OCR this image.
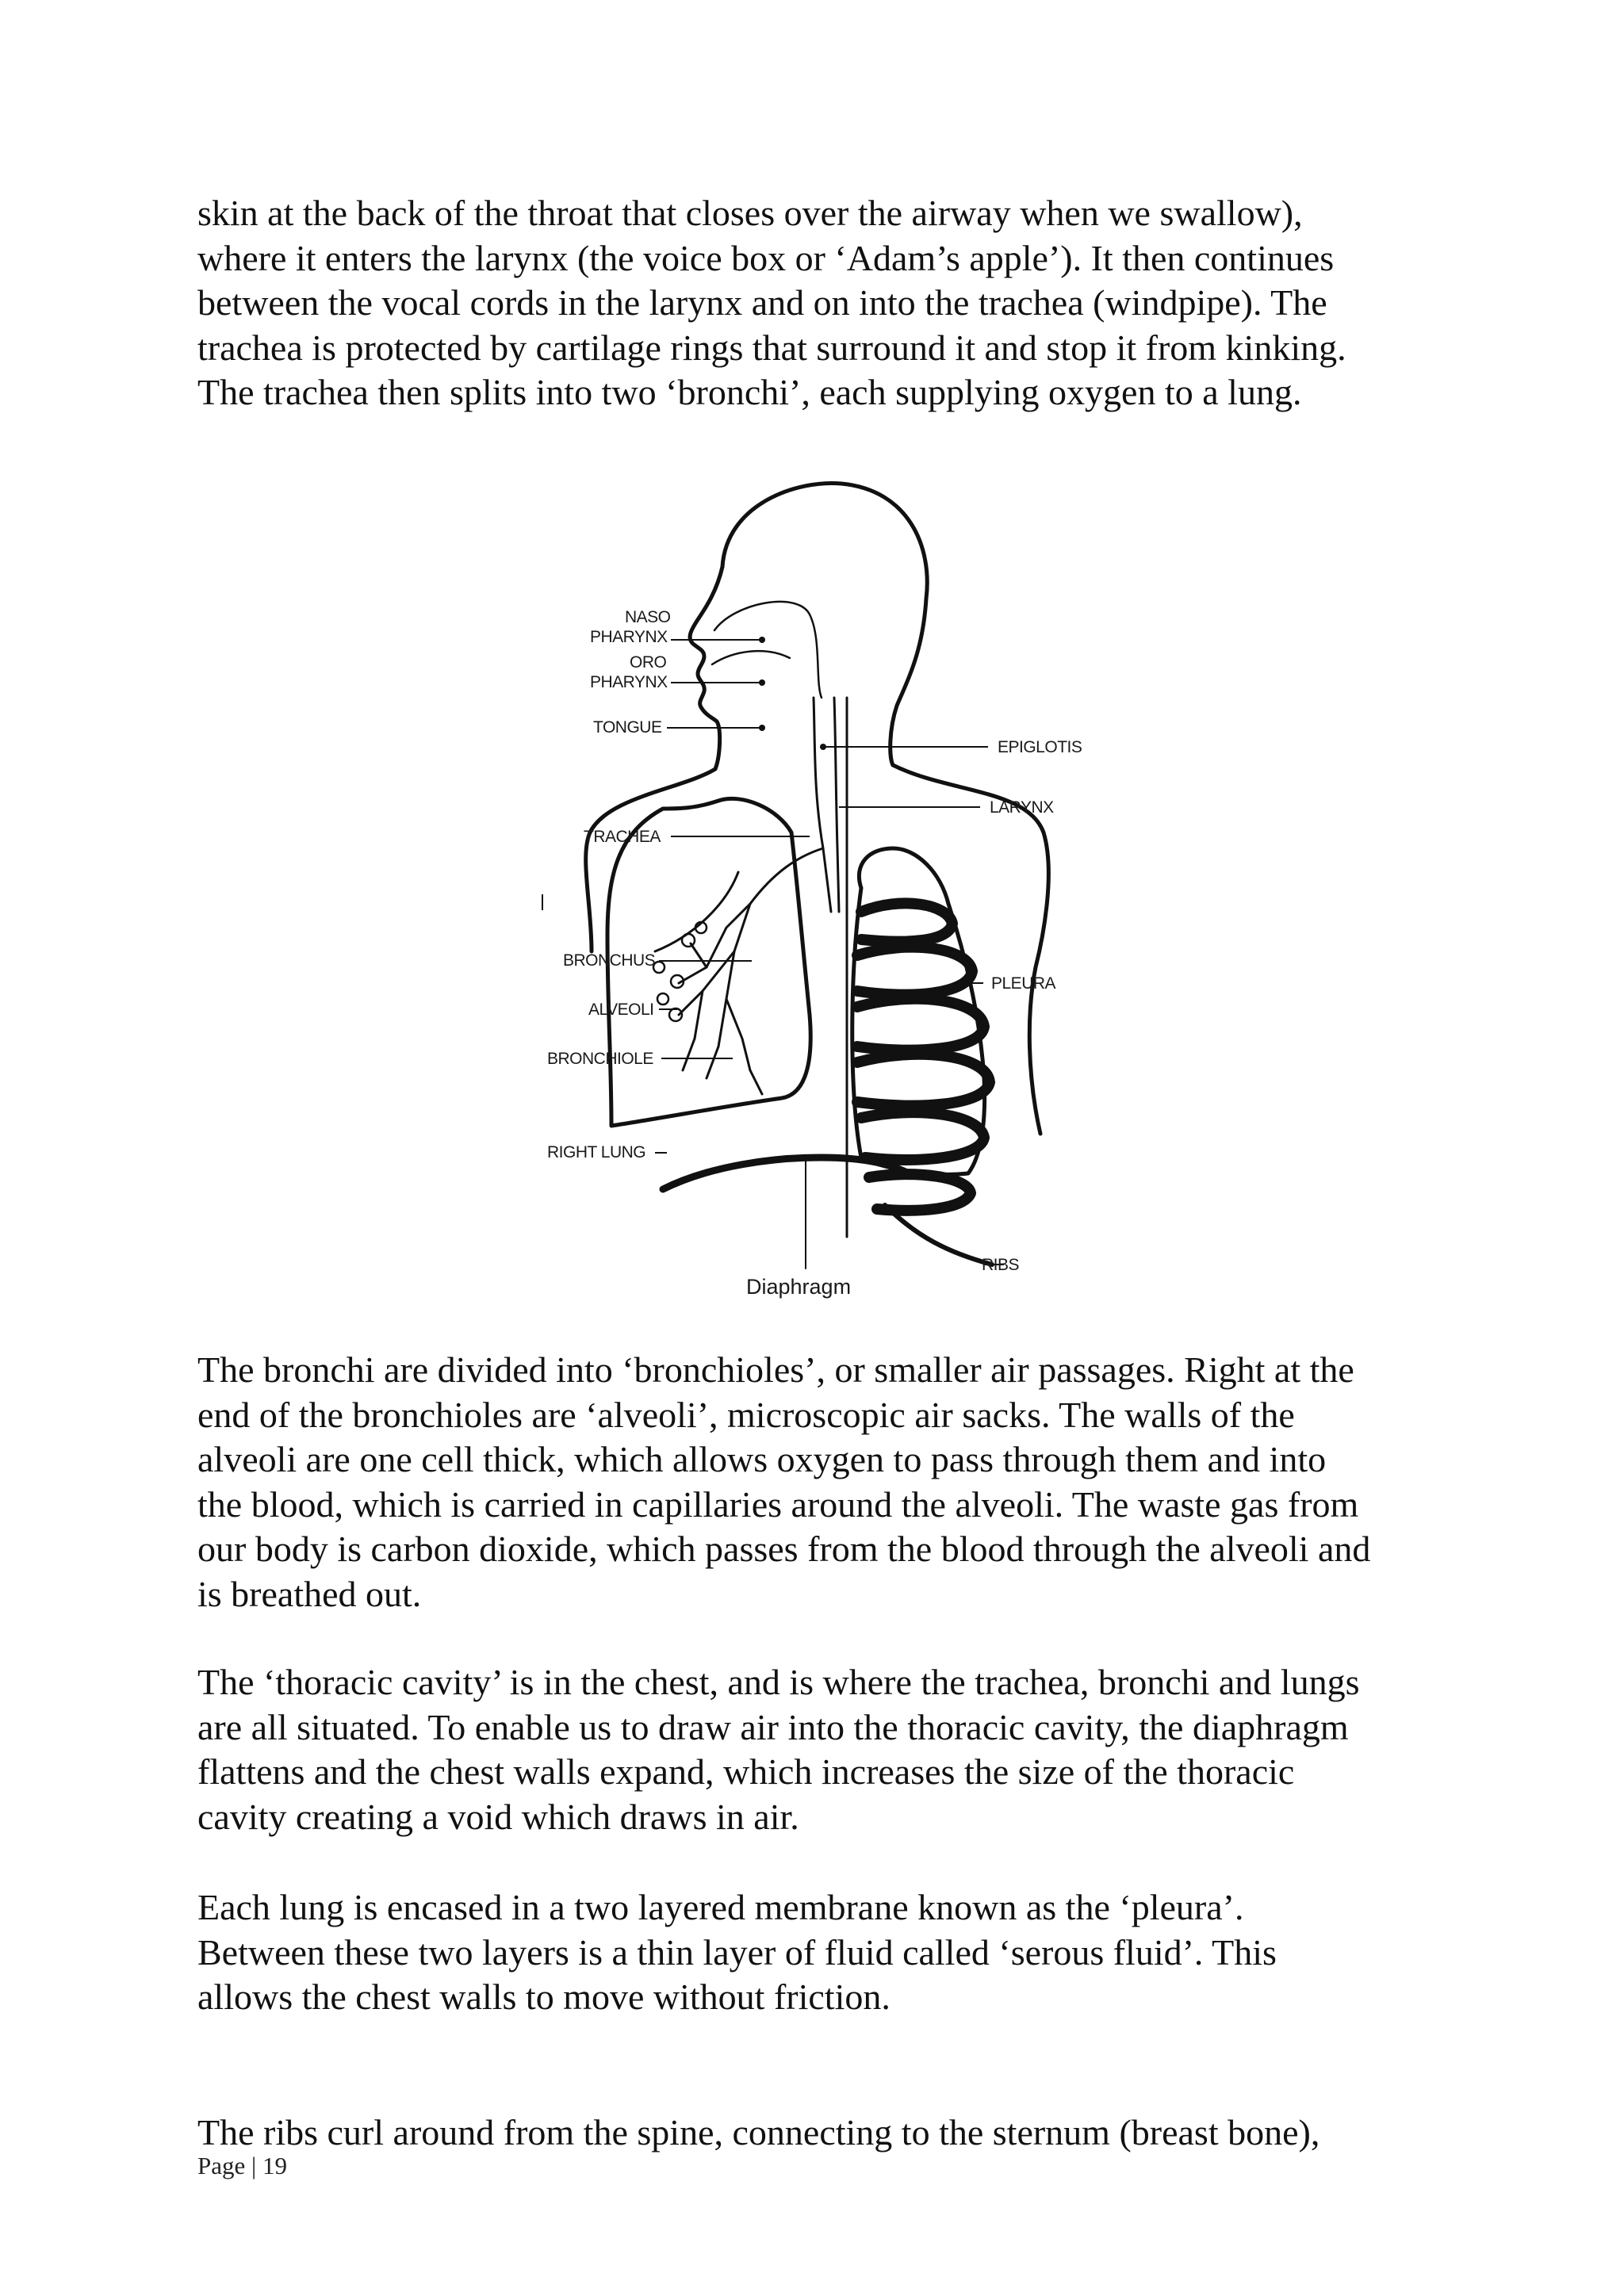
skin at the back of the throat that closes over the airway when we swallow),
where it enters the larynx (the voice box or ‘Adam’s apple’). It then continues
between the vocal cords in the larynx and on into the trachea (windpipe). The
trachea is protected by cartilage rings that surround it and stop it from kinking.
The trachea then splits into two ‘bronchi’, each supplying oxygen to a lung.
NASO
PHARYNX
ORO
PHARYNX
TONGUE
TRACHEA
BRONCHUS
ALVEOLI
BRONCHIOLE
RIGHT LUNG
EPIGLOTIS
LARYNX
PLEURA
RIBS
Diaphragm
The bronchi are divided into ‘bronchioles’, or smaller air passages. Right at the
end of the bronchioles are ‘alveoli’, microscopic air sacks. The walls of the
alveoli are one cell thick, which allows oxygen to pass through them and into
the blood, which is carried in capillaries around the alveoli. The waste gas from
our body is carbon dioxide, which passes from the blood through the alveoli and
is breathed out.
The ‘thoracic cavity’ is in the chest, and is where the trachea, bronchi and lungs
are all situated. To enable us to draw air into the thoracic cavity, the diaphragm
flattens and the chest walls expand, which increases the size of the thoracic
cavity creating a void which draws in air.
Each lung is encased in a two layered membrane known as the ‘pleura’.
Between these two layers is a thin layer of fluid called ‘serous fluid’. This
allows the chest walls to move without friction.
The ribs curl around from the spine, connecting to the sternum (breast bone),
Page | 19
